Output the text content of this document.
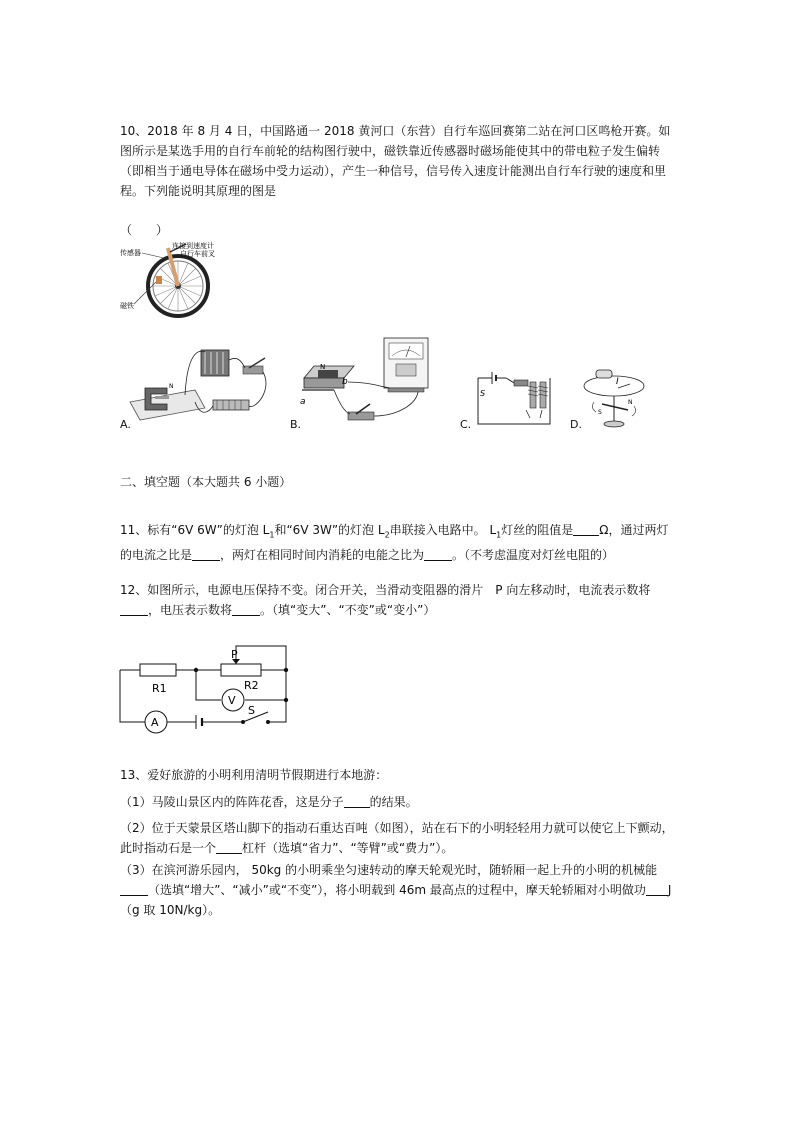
10、2018 年 8 月 4 日，中国路通一 2018 黄河口（东营）自行车巡回赛第二站在河口区鸣枪开赛。如图所示是某选手用的自行车前轮的结构图行驶中，磁铁靠近传感器时磁场能使其中的带电粒子发生偏转（即相当于通电导体在磁场中受力运动），产生一种信号，信号传入速度计能测出自行车行驶的速度和里程。下列能说明其原理的图是

（　　）

传感器
连接到速度计
自行车前叉
磁铁
N
N
b
a
S
I
S
N
A.	B.	C.	D.

二、填空题（本大题共 6 小题）

11、标有“6V 6W”的灯泡 $L_1$和“6V 3W”的灯泡 $L_2$串联接入电路中。 $L_1$灯丝的阻值是 Ω，通过两灯的电流之比是 ，两灯在相同时间内消耗的电能之比为 。（不考虑温度对灯丝电阻的）

12、如图所示，电源电压保持不变。闭合开关，当滑动变阻器的滑片　P 向左移动时，电流表示数将，电压表示数将 。（填“变大”、“不变”或“变小”）

A
V
R1	R2
P
S

13、爱好旅游的小明利用清明节假期进行本地游：

（1）马陵山景区内的阵阵花香，这是分子 的结果。

（2）位于天蒙景区塔山脚下的指动石重达百吨（如图），站在石下的小明轻轻用力就可以使它上下颤动，此时指动石是一个 杠杆（选填“省力”、“等臂”或“费力”）。

（3）在滨河游乐园内， 50kg 的小明乘坐匀速转动的摩天轮观光时，随轿厢一起上升的小明的机械能（选填“增大”、“减小”或“不变”），将小明载到 46m 最高点的过程中，摩天轮轿厢对小明做功 J（g 取 10N/kg）。
